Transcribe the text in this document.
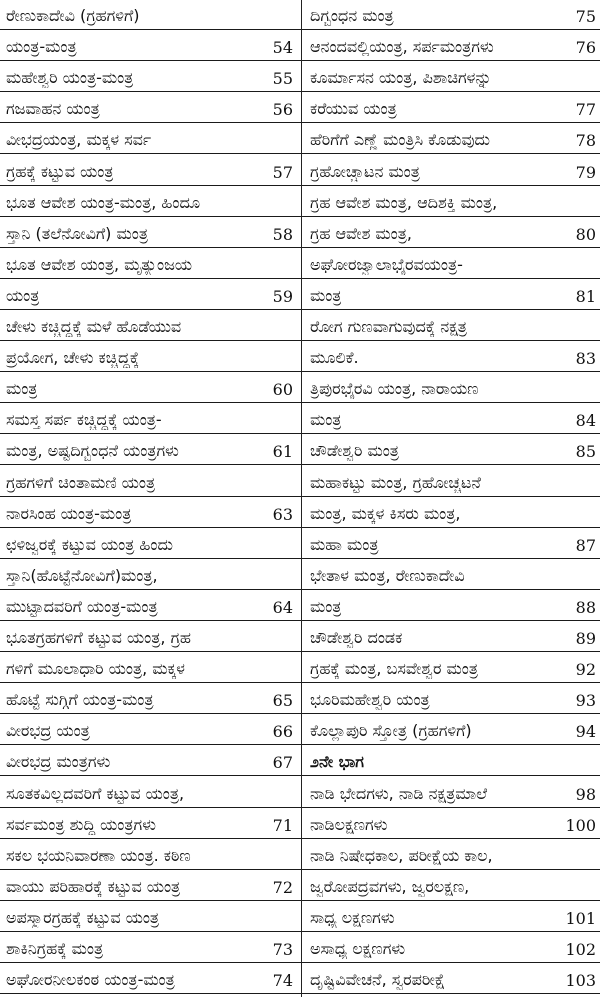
ರೇಣುಕಾದೇವಿ (ಗ್ರಹಗಳಿಗೆ)
ಯಂತ್ರ-ಮಂತ್ರ	54
ಮಹೇಶ್ವರಿ ಯಂತ್ರ-ಮಂತ್ರ	55
ಗಜವಾಹನ ಯಂತ್ರ	56
ವೀಭದ್ರಯಂತ್ರ, ಮಕ್ಕಳ ಸರ್ವ
ಗ್ರಹಕ್ಕೆ ಕಟ್ಟುವ ಯಂತ್ರ	57
ಭೂತ ಆವೇಶ ಯಂತ್ರ-ಮಂತ್ರ, ಹಿಂದೂ
ಸ್ತಾನಿ (ತಲೆನೋವಿಗೆ) ಮಂತ್ರ	58
ಭೂತ ಆವೇಶ ಯಂತ್ರ, ಮೃತ್ಯುಂಜಯ
ಯಂತ್ರ	59
ಚೇಳು ಕಚ್ಚಿದ್ದಕ್ಕೆ ಮಳೆ ಹೊಡೆಯುವ
ಪ್ರಯೋಗ, ಚೇಳು ಕಚ್ಚಿದ್ದಕ್ಕೆ
ಮಂತ್ರ	60
ಸಮಸ್ತ ಸರ್ಪ ಕಚ್ಚಿದ್ದಕ್ಕೆ ಯಂತ್ರ-
ಮಂತ್ರ, ಅಷ್ಟದಿಗ್ಭಂಧನೆ ಯಂತ್ರಗಳು	61
ಗ್ರಹಗಳಿಗೆ ಚಿಂತಾಮಣಿ ಯಂತ್ರ
ನಾರಸಿಂಹ ಯಂತ್ರ-ಮಂತ್ರ	63
ಛಳಿಜ್ವರಕ್ಕೆ ಕಟ್ಟುವ ಯಂತ್ರ ಹಿಂದು
ಸ್ತಾನಿ(ಹೊಟ್ಟೆನೋವಿಗೆ)ಮಂತ್ರ,
ಮುಟ್ಟಾದವರಿಗೆ ಯಂತ್ರ-ಮಂತ್ರ	64
ಭೂತಗ್ರಹಗಳಿಗೆ ಕಟ್ಟುವ ಯಂತ್ರ, ಗ್ರಹ
ಗಳಿಗೆ ಮೂಲಾಧಾರಿ ಯಂತ್ರ, ಮಕ್ಕಳ
ಹೊಟ್ಟೆ ಸುಗ್ಗಿಗೆ ಯಂತ್ರ-ಮಂತ್ರ	65
ವೀರಭದ್ರ ಯಂತ್ರ	66
ವೀರಭದ್ರ ಮಂತ್ರಗಳು	67
ಸೂತಕವಿಲ್ಲದವರಿಗೆ ಕಟ್ಟುವ ಯಂತ್ರ,
ಸರ್ವಮಂತ್ರ ಶುದ್ಧಿ ಯಂತ್ರಗಳು	71
ಸಕಲ ಭಯನಿವಾರಣಾ ಯಂತ್ರ. ಕಠಿಣ
ವಾಯು ಪರಿಹಾರಕ್ಕೆ ಕಟ್ಟುವ ಯಂತ್ರ	72
ಅಪಸ್ಮಾರಗ್ರಹಕ್ಕೆ ಕಟ್ಟುವ ಯಂತ್ರ
ಶಾಕಿನಿಗ್ರಹಕ್ಕೆ ಮಂತ್ರ	73
ಅಘೋರನೀಲಕಂಠ ಯಂತ್ರ-ಮಂತ್ರ	74
ದಿಗ್ಬಂಧನ ಮಂತ್ರ	75
ಆನಂದವಲ್ಲಿಯಂತ್ರ, ಸರ್ಪಮಂತ್ರಗಳು	76
ಕೂರ್ಮಾಸನ ಯಂತ್ರ, ಪಿಶಾಚಿಗಳನ್ನು
ಕರೆಯುವ ಯಂತ್ರ	77
ಹೆರಿಗೆಗೆ ಎಣ್ಣೆ ಮಂತ್ರಿಸಿ ಕೊಡುವುದು	78
ಗ್ರಹೋಚ್ಚಾಟನ ಮಂತ್ರ	79
ಗ್ರಹ ಆವೇಶ ಮಂತ್ರ, ಆದಿಶಕ್ತಿ ಮಂತ್ರ,
ಗ್ರಹ ಆವೇಶ ಮಂತ್ರ,	80
ಅಘೋರಜ್ವಾಲಾಭೈರವಯಂತ್ರ-
ಮಂತ್ರ	81
ರೋಗ ಗುಣವಾಗುವುದಕ್ಕೆ ನಕ್ಷತ್ರ
ಮೂಲಿಕೆ.	83
ತ್ರಿಪುರಭೈರವಿ ಯಂತ್ರ, ನಾರಾಯಣ
ಮಂತ್ರ	84
ಚೌಡೇಶ್ವರಿ ಮಂತ್ರ	85
ಮಹಾಕಟ್ಟು ಮಂತ್ರ, ಗ್ರಹೋಚ್ಚಟನೆ
ಮಂತ್ರ, ಮಕ್ಕಳ ಕಿಸರು ಮಂತ್ರ,
ಮಹಾ ಮಂತ್ರ	87
ಭೇತಾಳ ಮಂತ್ರ, ರೇಣುಕಾದೇವಿ
ಮಂತ್ರ	88
ಚೌಡೇಶ್ವರಿ ದಂಡಕ	89
ಗ್ರಹಕ್ಕೆ ಮಂತ್ರ, ಬಸವೇಶ್ವರ ಮಂತ್ರ	92
ಭೂರಿಮಹೇಶ್ವರಿ ಯಂತ್ರ	93
ಕೊಲ್ಲಾಪುರಿ ಸ್ತೋತ್ರ (ಗ್ರಹಗಳಿಗೆ)	94
೨ನೇ ಭಾಗ
ನಾಡಿ ಭೇದಗಳು, ನಾಡಿ ನಕ್ಷತ್ರಮಾಲೆ	98
ನಾಡಿಲಕ್ಷಣಗಳು	100
ನಾಡಿ ನಿಷೇಧಕಾಲ, ಪರೀಕ್ಷೆಯ ಕಾಲ,
ಜ್ವರೋಪದ್ರವಗಳು, ಜ್ವರಲಕ್ಷಣ,
ಸಾಧ್ಯ ಲಕ್ಷಣಗಳು	101
ಅಸಾಧ್ಯ ಲಕ್ಷಣಗಳು	102
ದೃಷ್ಟಿವಿವೇಚನೆ, ಸ್ವರಪರೀಕ್ಷೆ	103
